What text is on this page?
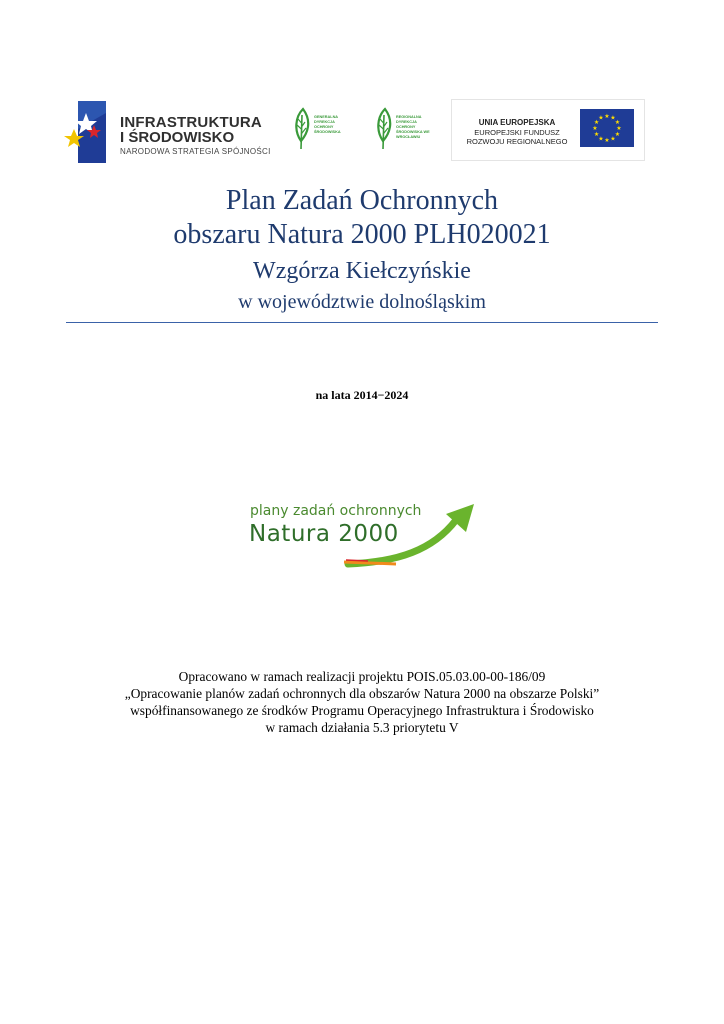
INFRASTRUKTURA
I ŚRODOWISKO
NARODOWA STRATEGIA SPÓJNOŚCI
GENERALNA DYREKCJA OCHRONY ŚRODOWISKA
REGIONALNA DYREKCJA OCHRONY ŚRODOWISKA WE WROCŁAWIU
UNIA EUROPEJSKA
EUROPEJSKI FUNDUSZ
ROZWOJU REGIONALNEGO
★ ★
★
★
★
★
★
★
★
★
★
★
Plan Zadań Ochronnych
obszaru Natura 2000 PLH020021
Wzgórza Kiełczyńskie
w województwie dolnośląskim
na lata 2014−2024
plany zadań ochronnych
Natura 2000
Opracowano w ramach realizacji projektu POIS.05.03.00-00-186/09
„Opracowanie planów zadań ochronnych dla obszarów Natura 2000 na obszarze Polski”
współfinansowanego ze środków Programu Operacyjnego Infrastruktura i Środowisko
w ramach działania 5.3 priorytetu V
